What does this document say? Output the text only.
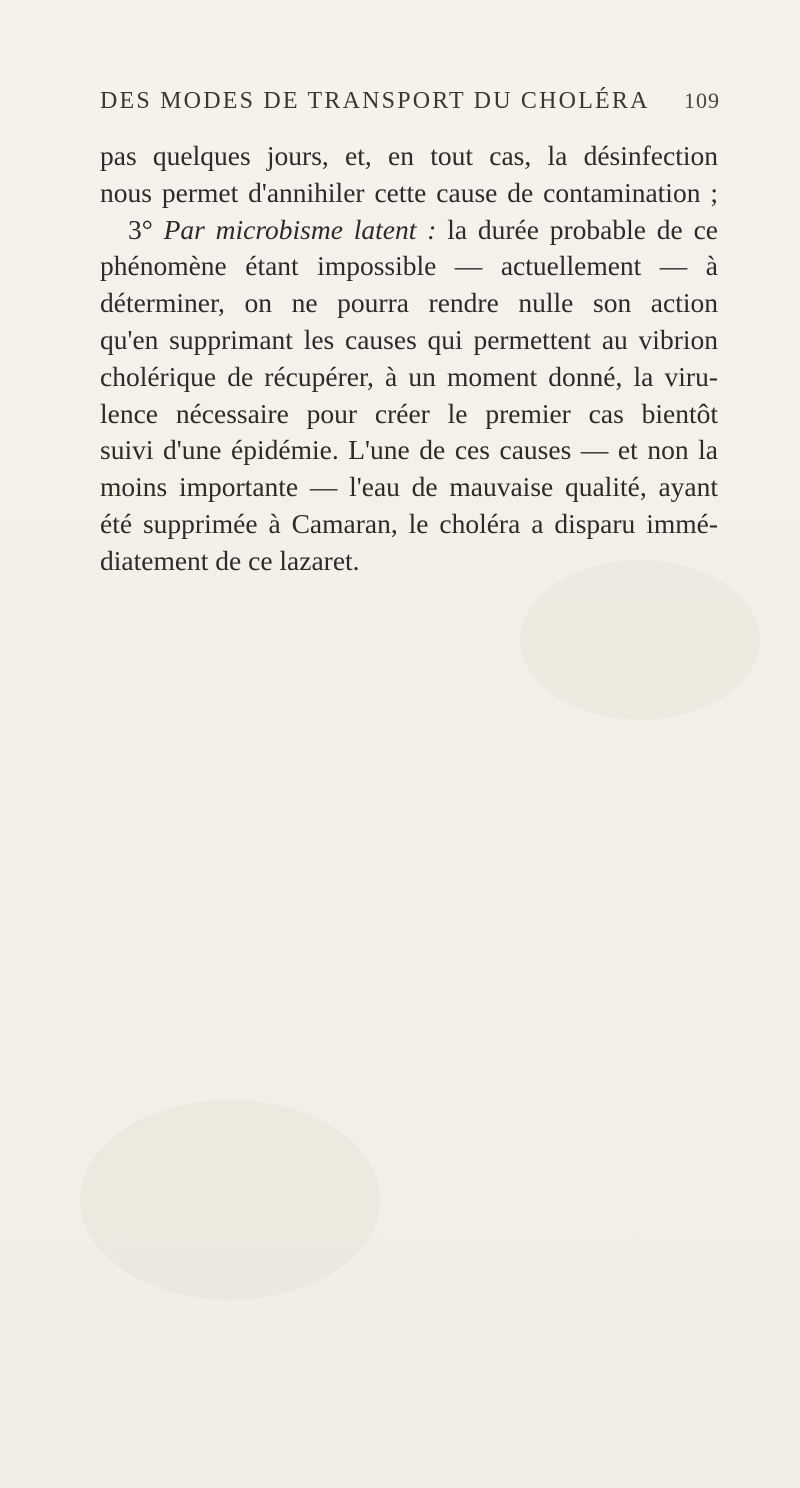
DES MODES DE TRANSPORT DU CHOLÉRA 109
pas quelques jours, et, en tout cas, la désinfection
nous permet d'annihiler cette cause de contamination ;
3° Par microbisme latent : la durée probable de ce
phénomène étant impossible — actuellement — à
déterminer, on ne pourra rendre nulle son action
qu'en supprimant les causes qui permettent au vibrion
cholérique de récupérer, à un moment donné, la viru-
lence nécessaire pour créer le premier cas bientôt
suivi d'une épidémie. L'une de ces causes — et non la
moins importante — l'eau de mauvaise qualité, ayant
été supprimée à Camaran, le choléra a disparu immé-
diatement de ce lazaret.
